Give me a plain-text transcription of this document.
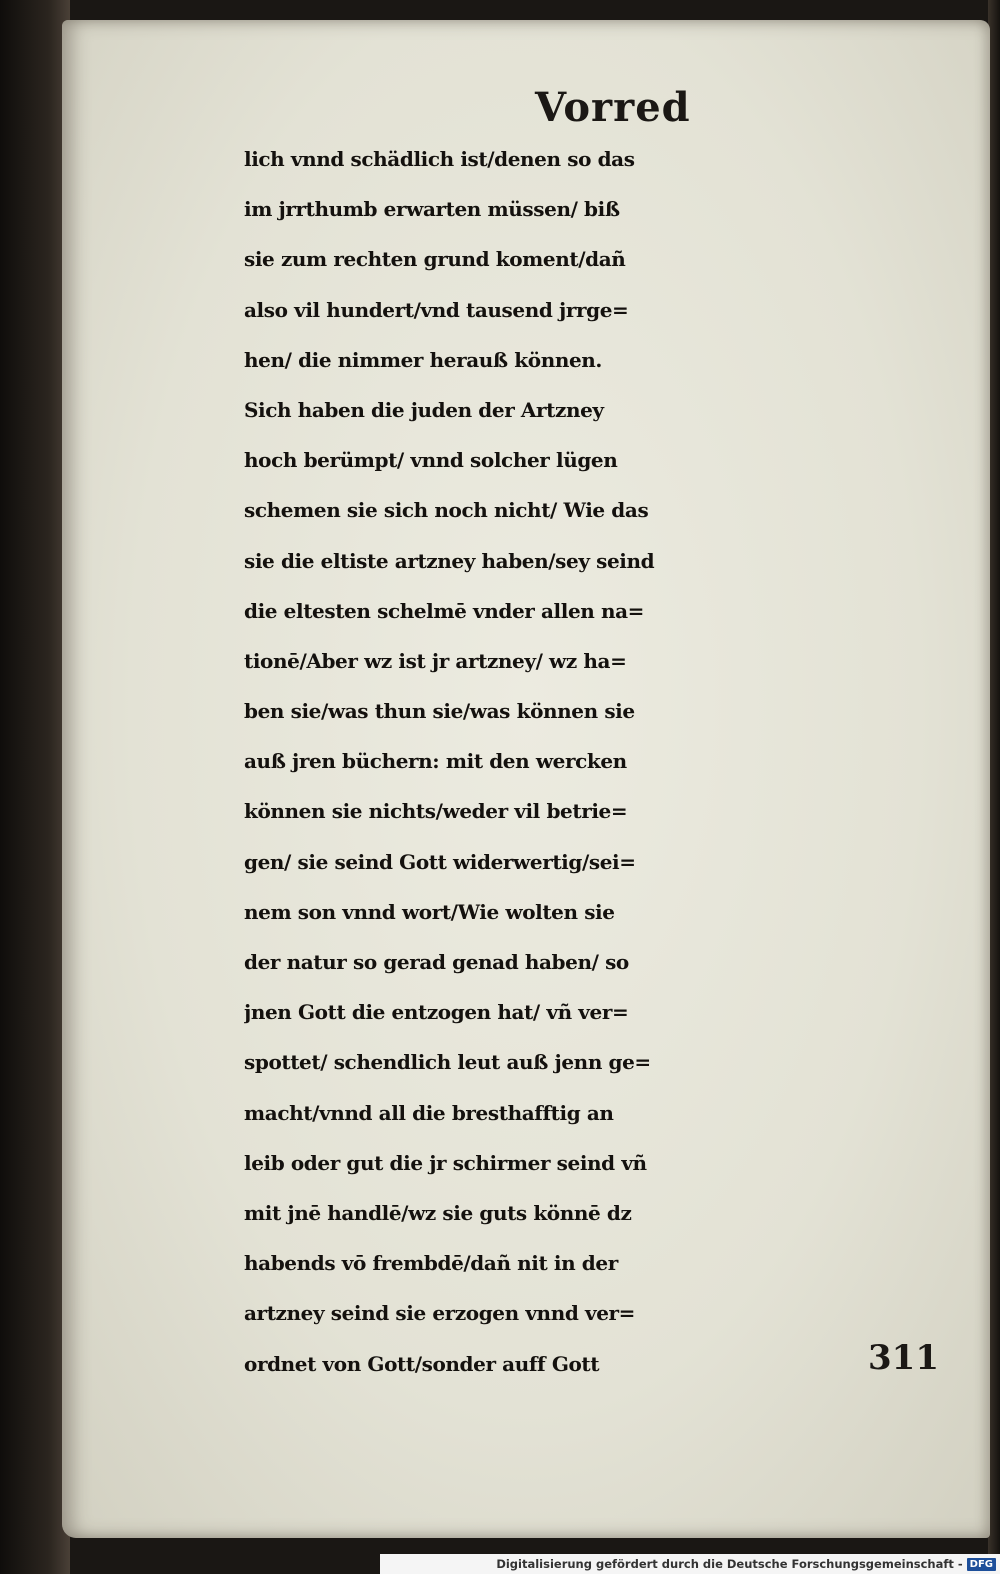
Vorred
lich vnnd schädlich ist/denen so das
im jrrthumb erwarten müssen/ biß
sie zum rechten grund koment/dañ
also vil hundert/vnd tausend jrrge=
hen/ die nimmer herauß können.
Sich haben die juden der Artzney
hoch berümpt/ vnnd solcher lügen
schemen sie sich noch nicht/ Wie das
sie die eltiste artzney haben/sey seind
die eltesten schelmē vnder allen na=
tionē/Aber wz ist jr artzney/ wz ha=
ben sie/was thun sie/was können sie
auß jren büchern: mit den wercken
können sie nichts/weder vil betrie=
gen/ sie seind Gott widerwertig/sei=
nem son vnnd wort/Wie wolten sie
der natur so gerad genad haben/ so
jnen Gott die entzogen hat/ vñ ver=
spottet/ schendlich leut auß jenn ge=
macht/vnnd all die bresthafftig an
leib oder gut die jr schirmer seind vñ
mit jnē handlē/wz sie guts könnē dz
habends vō frembdē/dañ nit in der
artzney seind sie erzogen vnnd ver=
ordnet von Gott/sonder auff Gott	311
Digitalisierung gefördert durch die Deutsche Forschungsgemeinschaft - DFG
